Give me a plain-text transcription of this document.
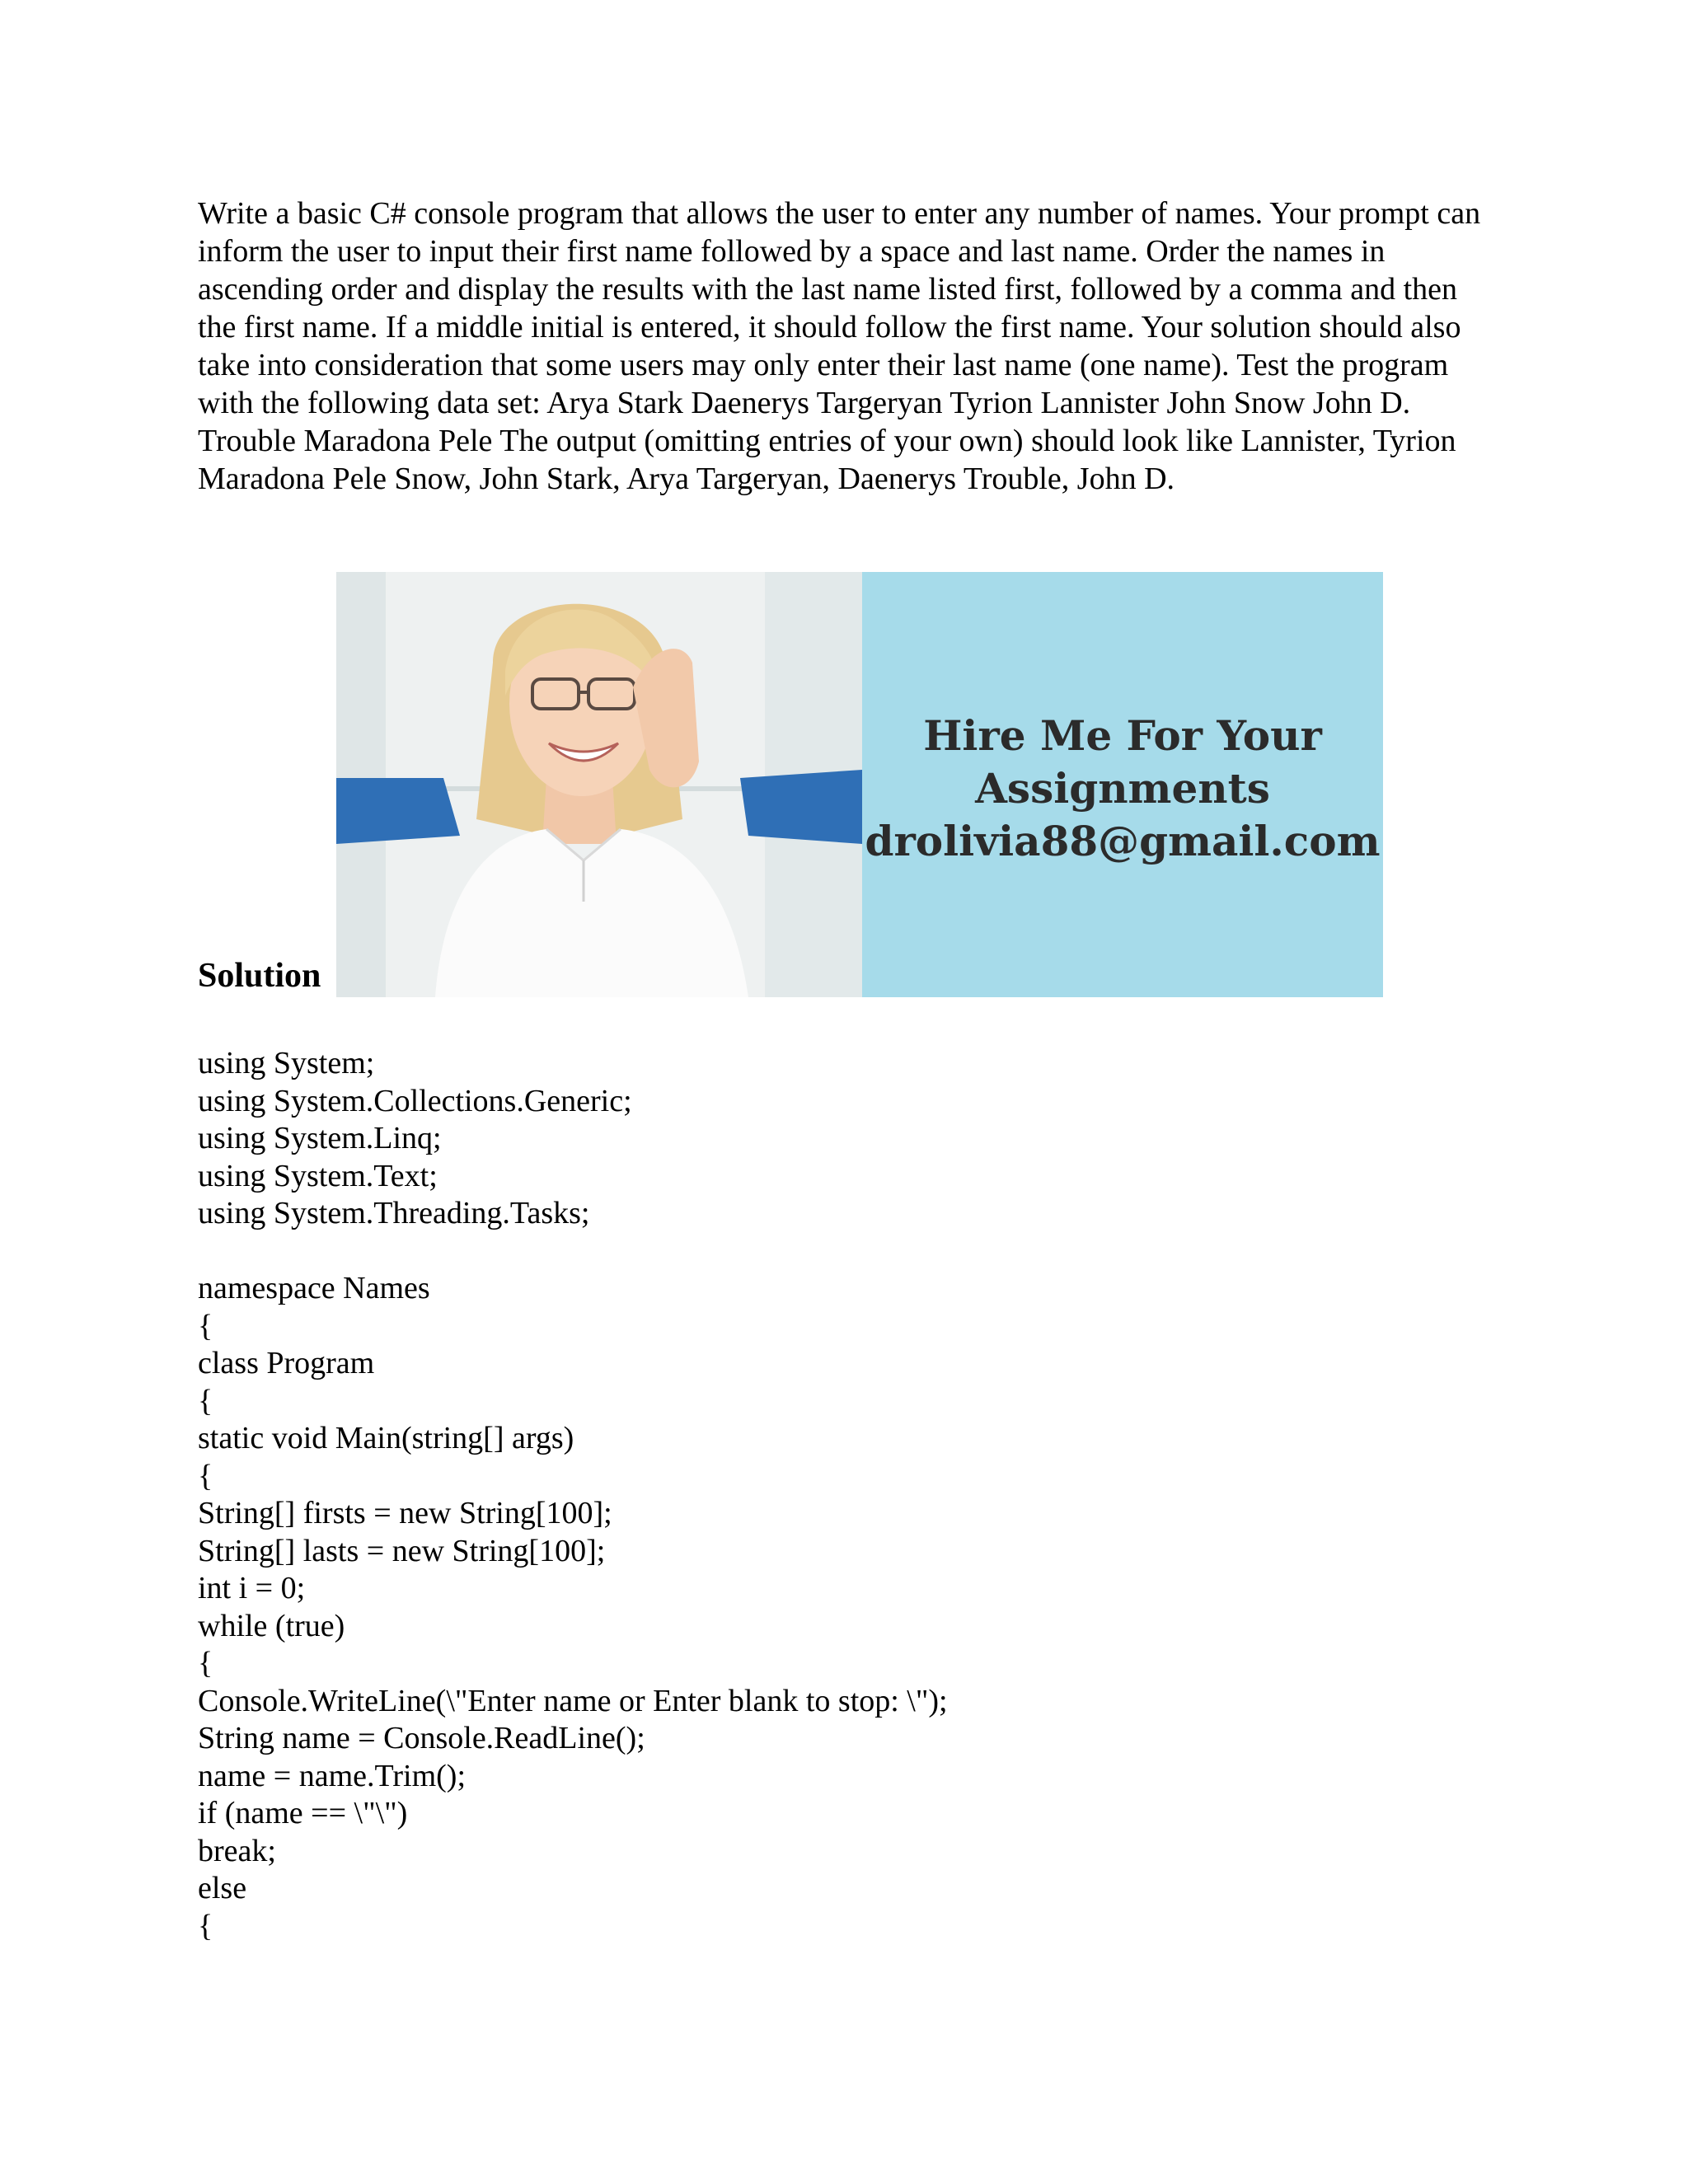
Write a basic C# console program that allows the user to enter any number of names. Your prompt can inform the user to input their first name followed by a space and last name. Order the names in ascending order and display the results with the last name listed first, followed by a comma and then the first name. If a middle initial is entered, it should follow the first name. Your solution should also take into consideration that some users may only enter their last name (one name). Test the program with the following data set: Arya Stark Daenerys Targeryan Tyrion Lannister John Snow John D. Trouble Maradona Pele The output (omitting entries of your own) should look like Lannister, Tyrion Maradona Pele Snow, John Stark, Arya Targeryan, Daenerys Trouble, John D.

Solution
Hire Me For Your
Assignments
drolivia88@gmail.com
using System;
using System.Collections.Generic;
using System.Linq;
using System.Text;
using System.Threading.Tasks;
namespace Names
{
class Program
{
static void Main(string[] args)
{
String[] firsts = new String[100];
String[] lasts = new String[100];
int i = 0;
while (true)
{
Console.WriteLine(\"Enter name or Enter blank to stop: \");
String name = Console.ReadLine();
name = name.Trim();
if (name == \"\")
break;
else
{
